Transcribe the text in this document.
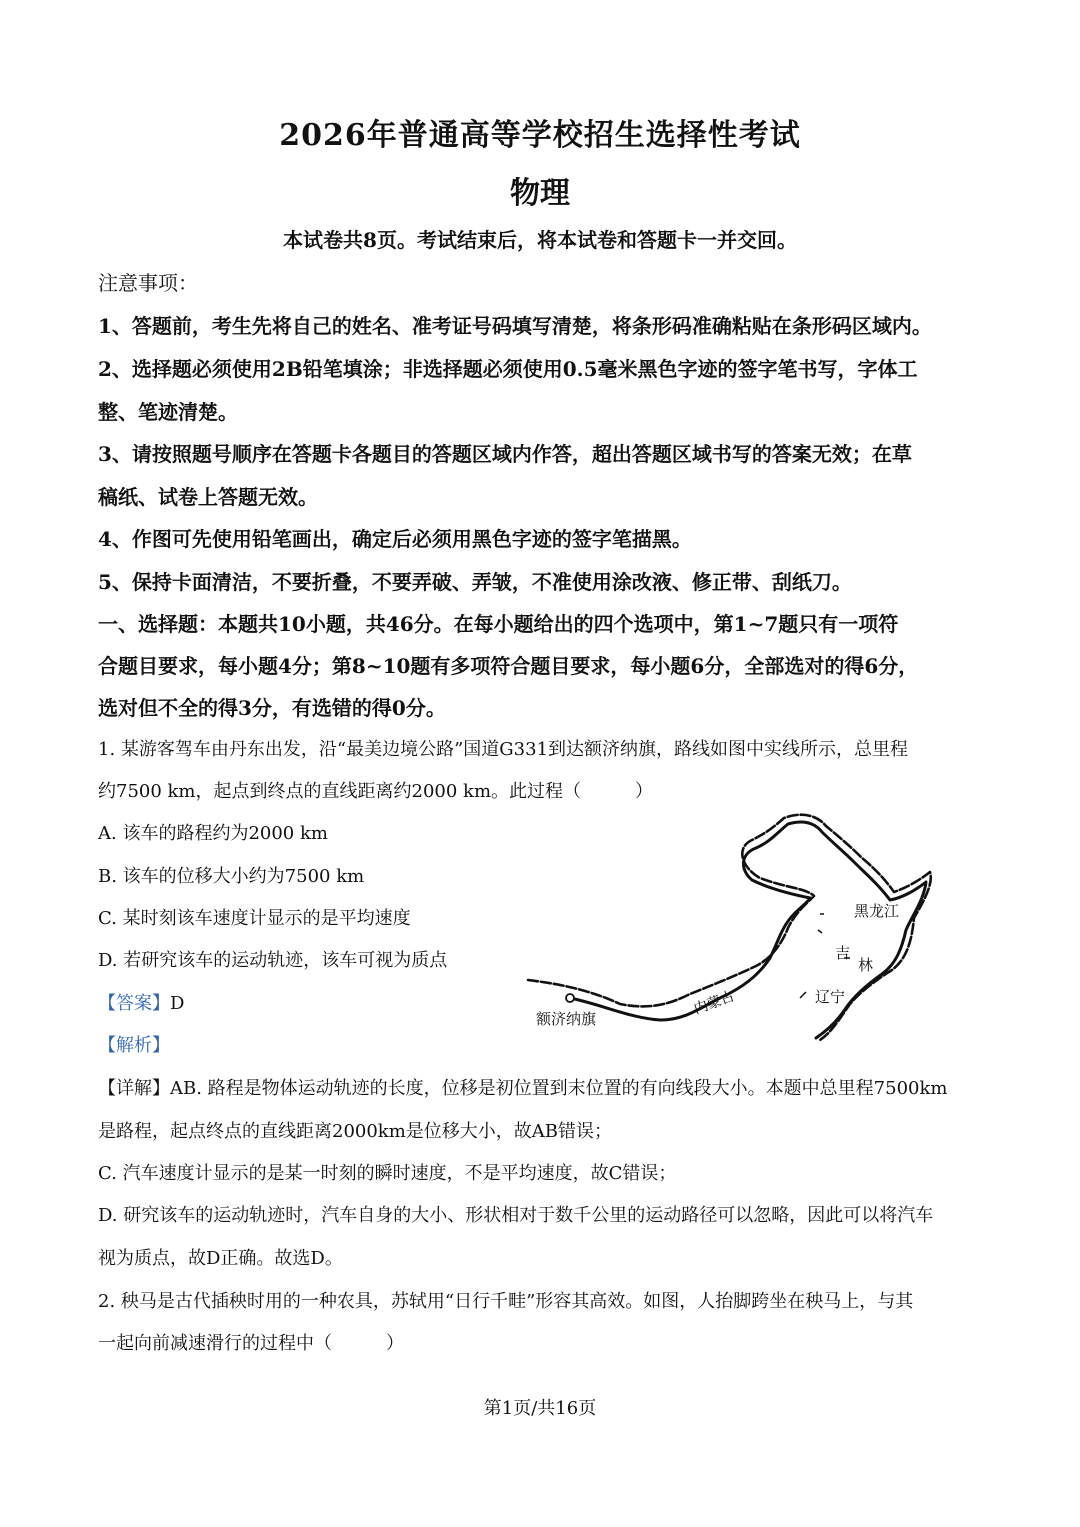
2026年普通高等学校招生选择性考试
物理
本试卷共8页。考试结束后，将本试卷和答题卡一并交回。
注意事项：
1、答题前，考生先将自己的姓名、准考证号码填写清楚，将条形码准确粘贴在条形码区域内。
2、选择题必须使用2B铅笔填涂；非选择题必须使用0.5毫米黑色字迹的签字笔书写，字体工
整、笔迹清楚。
3、请按照题号顺序在答题卡各题目的答题区域内作答，超出答题区域书写的答案无效；在草
稿纸、试卷上答题无效。
4、作图可先使用铅笔画出，确定后必须用黑色字迹的签字笔描黑。
5、保持卡面清洁，不要折叠，不要弄破、弄皱，不准使用涂改液、修正带、刮纸刀。
一、选择题：本题共10小题，共46分。在每小题给出的四个选项中，第1~7题只有一项符
合题目要求，每小题4分；第8~10题有多项符合题目要求，每小题6分，全部选对的得6分，
选对但不全的得3分，有选错的得0分。
1. 某游客驾车由丹东出发，沿“最美边境公路”国道G331到达额济纳旗，路线如图中实线所示，总里程
约7500 km，起点到终点的直线距离约2000 km。此过程（　　　）
A. 该车的路程约为2000 km
B. 该车的位移大小约为7500 km
C. 某时刻该车速度计显示的是平均速度
D. 若研究该车的运动轨迹，该车可视为质点
【答案】D
【解析】
黑龙江
吉
林
辽宁
内蒙古
额济纳旗
【详解】AB. 路程是物体运动轨迹的长度，位移是初位置到末位置的有向线段大小。本题中总里程7500km
是路程，起点终点的直线距离2000km是位移大小，故AB错误；
C. 汽车速度计显示的是某一时刻的瞬时速度，不是平均速度，故C错误；
D. 研究该车的运动轨迹时，汽车自身的大小、形状相对于数千公里的运动路径可以忽略，因此可以将汽车
视为质点，故D正确。故选D。
2. 秧马是古代插秧时用的一种农具，苏轼用“日行千畦”形容其高效。如图，人抬脚跨坐在秧马上，与其
一起向前减速滑行的过程中（　　　）
第1页/共16页
